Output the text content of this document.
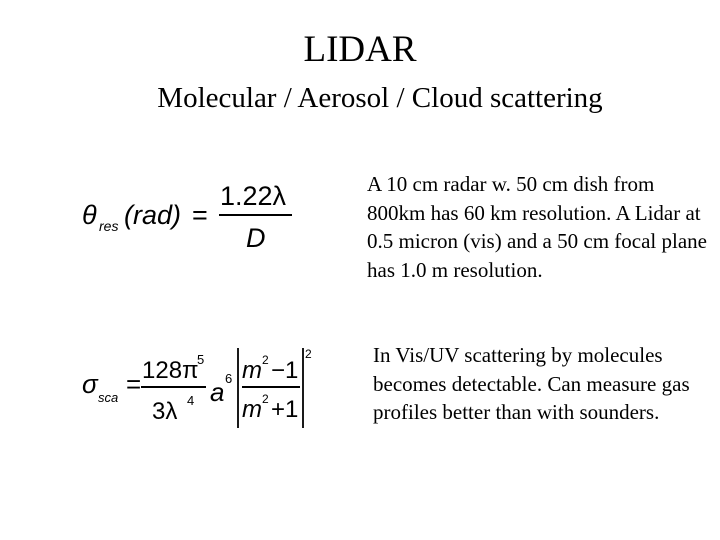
LIDAR
Molecular / Aerosol / Cloud scattering
θ res (rad) =
1.22λ
D
σ sca = 128π
5
3λ 4 a 6 m 2 −1
m 2 +1
2

A 10 cm radar w. 50 cm dish from 800km has 60 km resolution. A Lidar at 0.5 micron (vis) and a 50 cm focal plane has 1.0 m resolution.

In Vis/UV scattering by molecules becomes detectable. Can measure gas profiles better than with sounders.
